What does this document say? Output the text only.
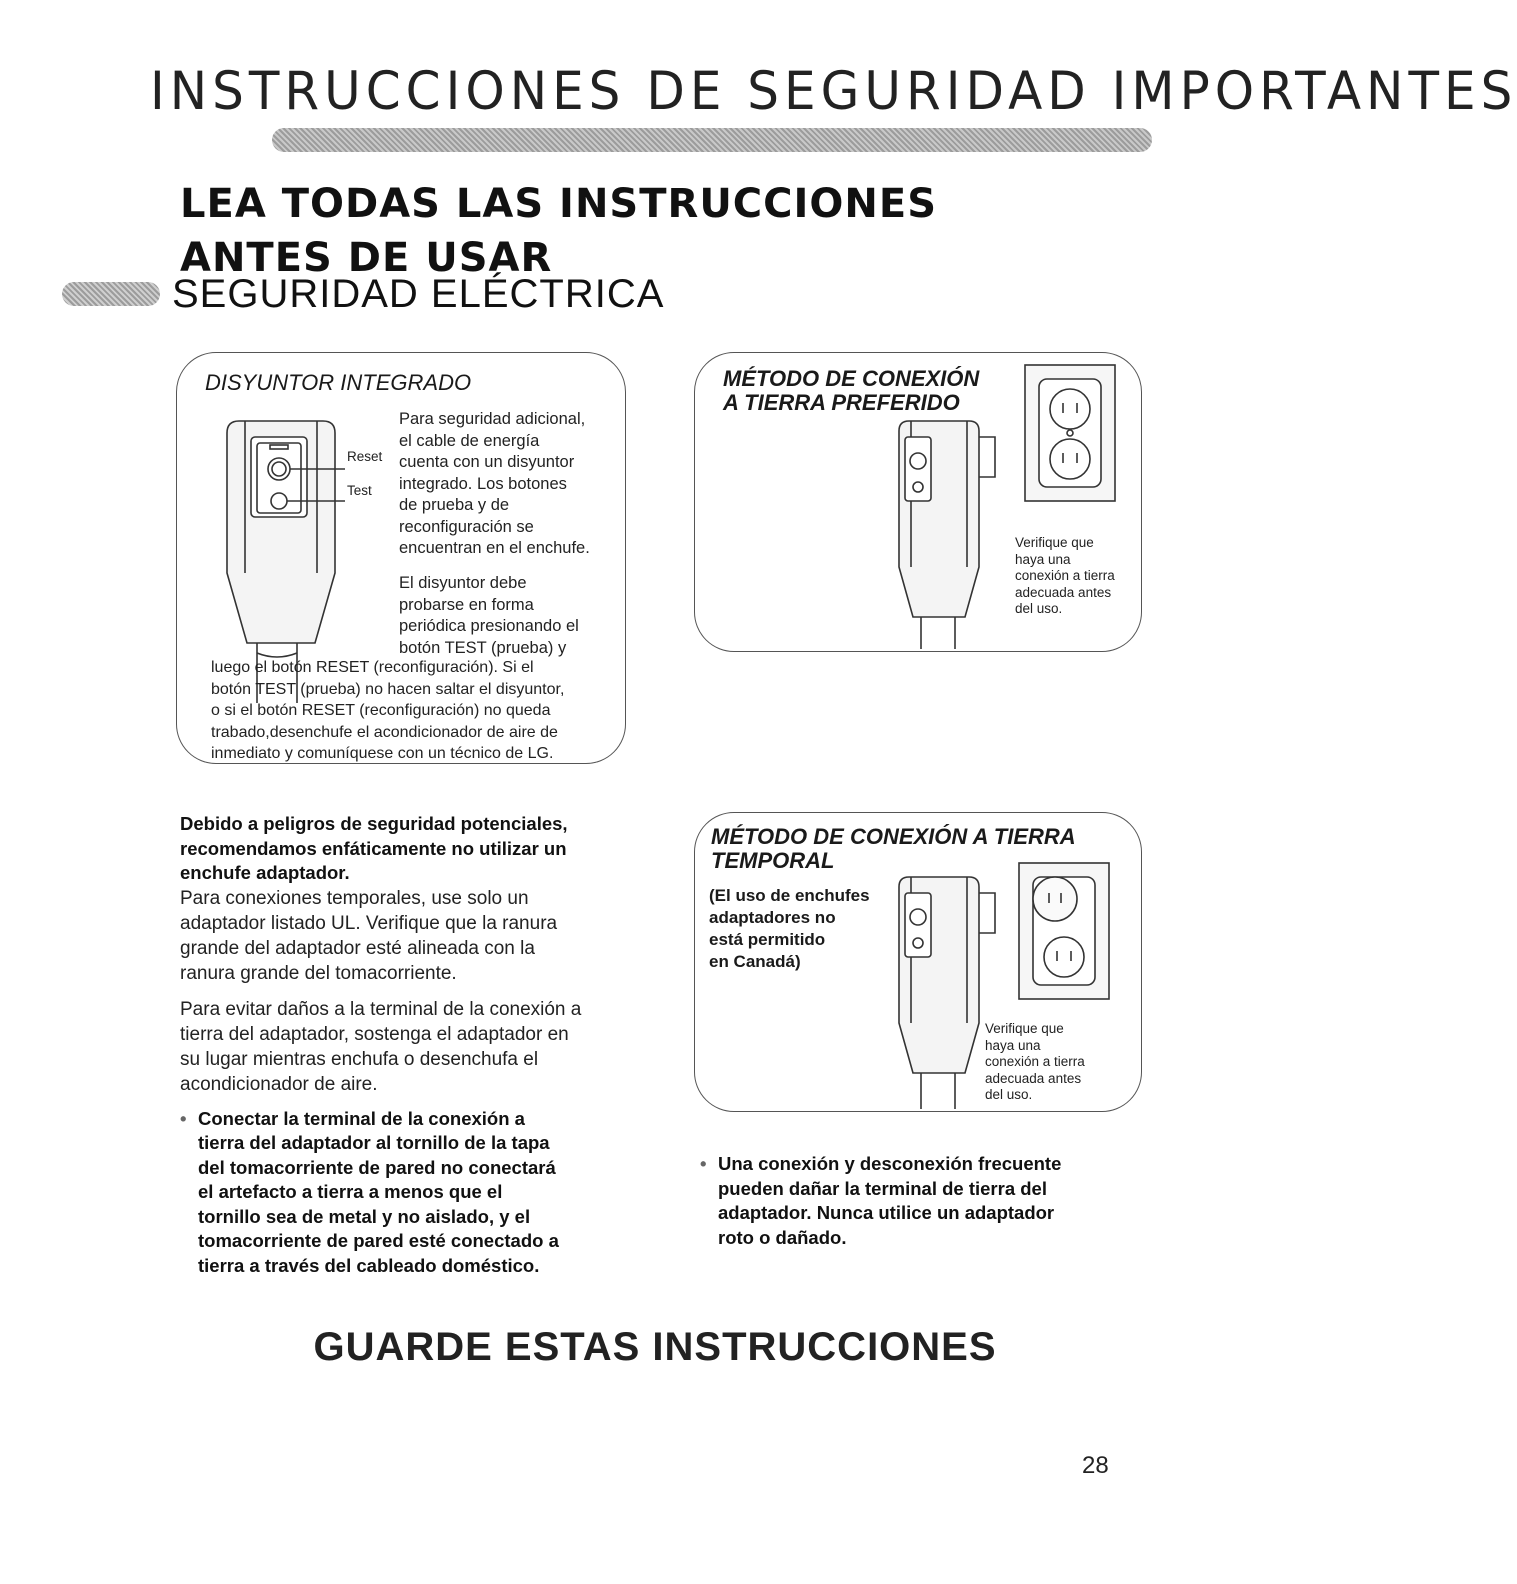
INSTRUCCIONES DE SEGURIDAD IMPORTANTES
LEA TODAS LAS INSTRUCCIONES
ANTES DE USAR
SEGURIDAD ELÉCTRICA
DISYUNTOR INTEGRADO
Reset
Test
Para seguridad adicional,
el cable de energía
cuenta con un disyuntor
integrado. Los botones
de prueba y de
reconfiguración se
encuentran en el enchufe.
El disyuntor debe
probarse en forma
periódica presionando el
botón TEST (prueba) y
luego el botón RESET (reconfiguración). Si el
botón TEST (prueba) no hacen saltar el disyuntor,
o si el botón RESET (reconfiguración) no queda
trabado,desenchufe el acondicionador de aire de
inmediato y comuníquese con un técnico de LG.
MÉTODO DE CONEXIÓN
A TIERRA PREFERIDO
Verifique que
haya una
conexión a tierra
adecuada antes
del uso.
MÉTODO DE CONEXIÓN A TIERRA
TEMPORAL
(El uso de enchufes
adaptadores no
está permitido
en Canadá)
Verifique que
haya una
conexión a tierra
adecuada antes
del uso.
Debido a peligros de seguridad potenciales,
recomendamos enfáticamente no utilizar un
enchufe adaptador.
Para conexiones temporales, use solo un
adaptador listado UL. Verifique que la ranura
grande del adaptador esté alineada con la
ranura grande del tomacorriente.
Para evitar daños a la terminal de la conexión a
tierra del adaptador, sostenga el adaptador en
su lugar mientras enchufa o desenchufa el
acondicionador de aire.
• Conectar la terminal de la conexión a
tierra del adaptador al tornillo de la tapa
del tomacorriente de pared no conectará
el artefacto a tierra a menos que el
tornillo sea de metal y no aislado, y el
tomacorriente de pared esté conectado a
tierra a través del cableado doméstico.
• Una conexión y desconexión frecuente
pueden dañar la terminal de tierra del
adaptador. Nunca utilice un adaptador
roto o dañado.
GUARDE ESTAS INSTRUCCIONES
28
